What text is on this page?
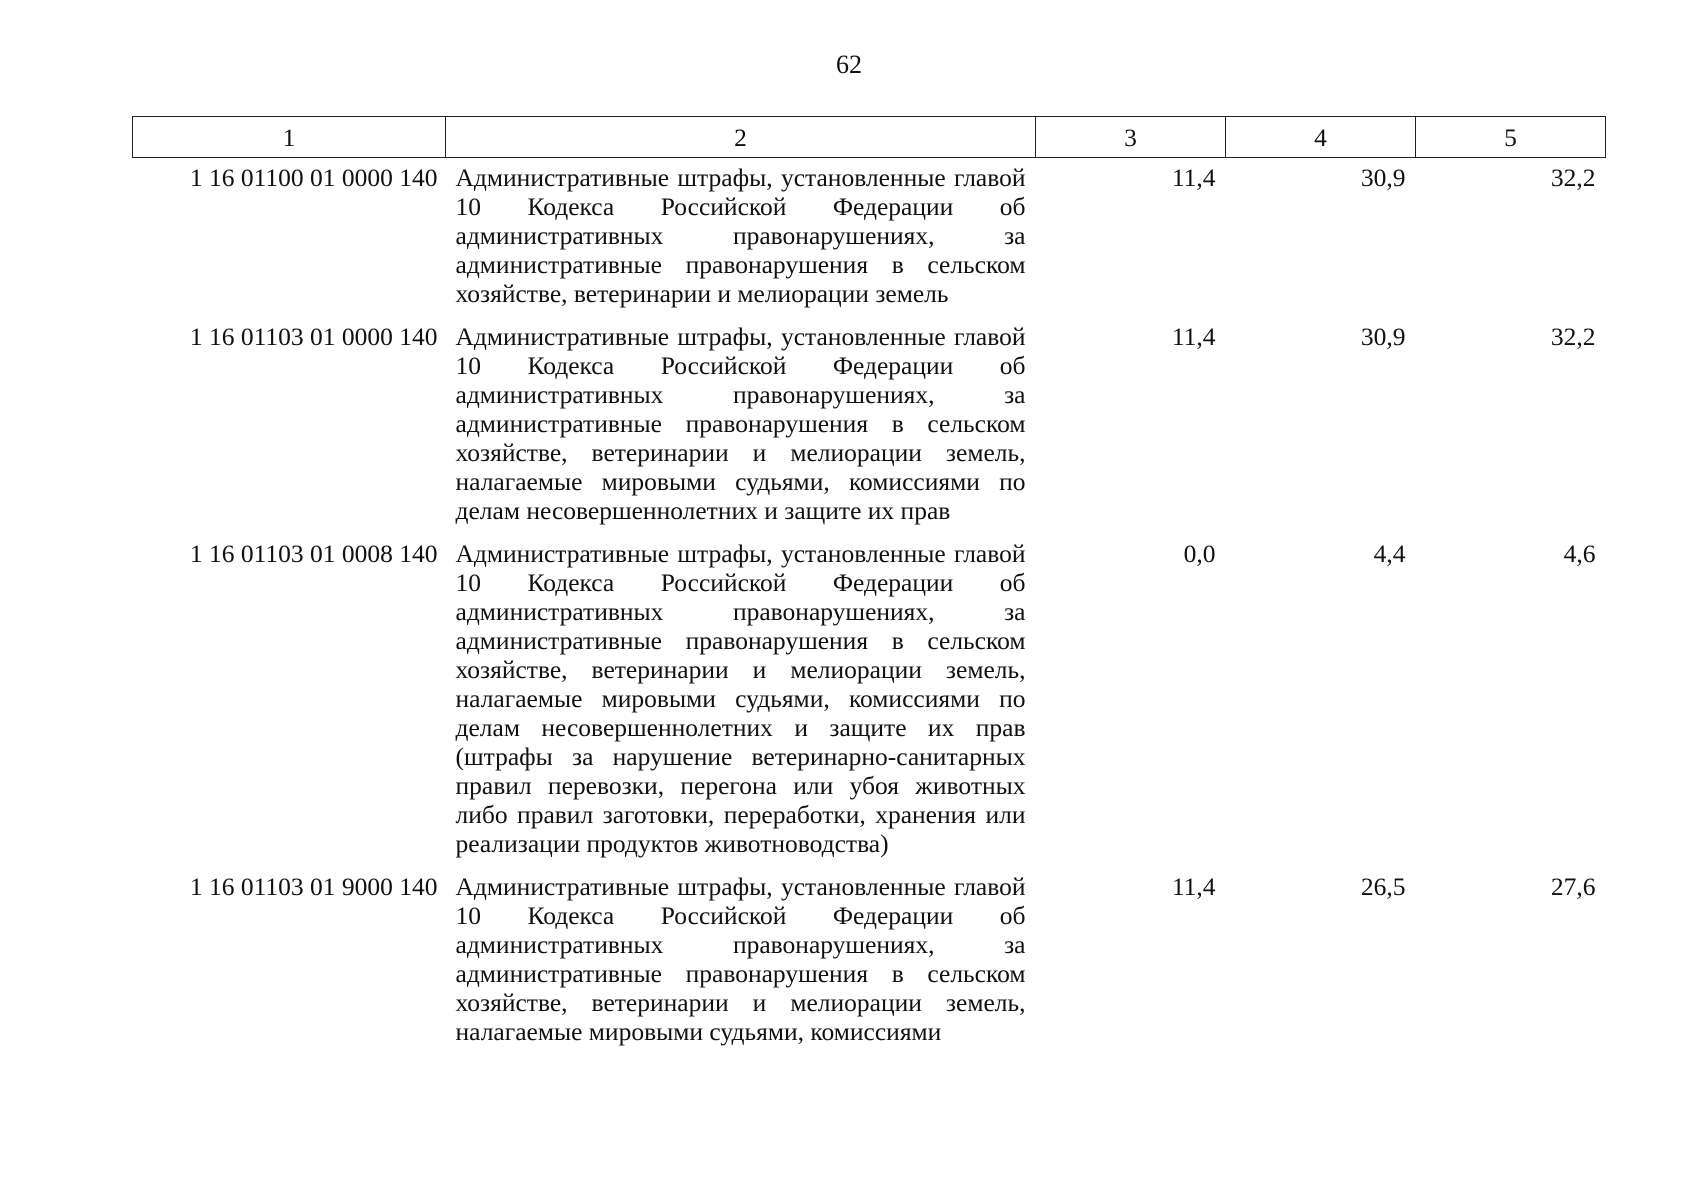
62
1	2	3	4	5
1 16 01100 01 0000 140	Административные штрафы, установленные главой 10 Кодекса Российской Федерации об административных правонарушениях, за административные правонарушения в сельском хозяйстве, ветеринарии и мелиорации земель	11,4	30,9	32,2
1 16 01103 01 0000 140	Административные штрафы, установленные главой 10 Кодекса Российской Федерации об административных правонарушениях, за административные правонарушения в сельском хозяйстве, ветеринарии и мелиорации земель, налагаемые мировыми судьями, комиссиями по делам несовершеннолетних и защите их прав	11,4	30,9	32,2
1 16 01103 01 0008 140	Административные штрафы, установленные главой 10 Кодекса Российской Федерации об административных правонарушениях, за административные правонарушения в сельском хозяйстве, ветеринарии и мелиорации земель, налагаемые мировыми судьями, комиссиями по делам несовершеннолетних и защите их прав (штрафы за нарушение ветеринарно-санитарных правил перевозки, перегона или убоя животных либо правил заготовки, переработки, хранения или реализации продуктов животноводства)	0,0	4,4	4,6
1 16 01103 01 9000 140	Административные штрафы, установленные главой 10 Кодекса Российской Федерации об административных правонарушениях, за административные правонарушения в сельском хозяйстве, ветеринарии и мелиорации земель, налагаемые мировыми судьями, комиссиями	11,4	26,5	27,6
